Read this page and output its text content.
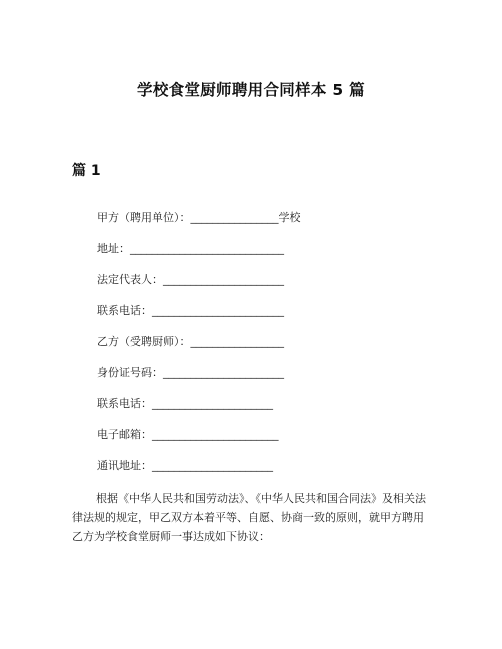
学校食堂厨师聘用合同样本 5 篇
篇 1
甲方（聘用单位）：________________学校
地址：____________________________
法定代表人：______________________
联系电话：________________________
乙方（受聘厨师）：_________________
身份证号码：______________________
联系电话：______________________
电子邮箱：_______________________
通讯地址：______________________

根据《中华人民共和国劳动法》、《中华人民共和国合同法》及相关法律法规的规定，甲乙双方本着平等、自愿、协商一致的原则，就甲方聘用乙方为学校食堂厨师一事达成如下协议：
